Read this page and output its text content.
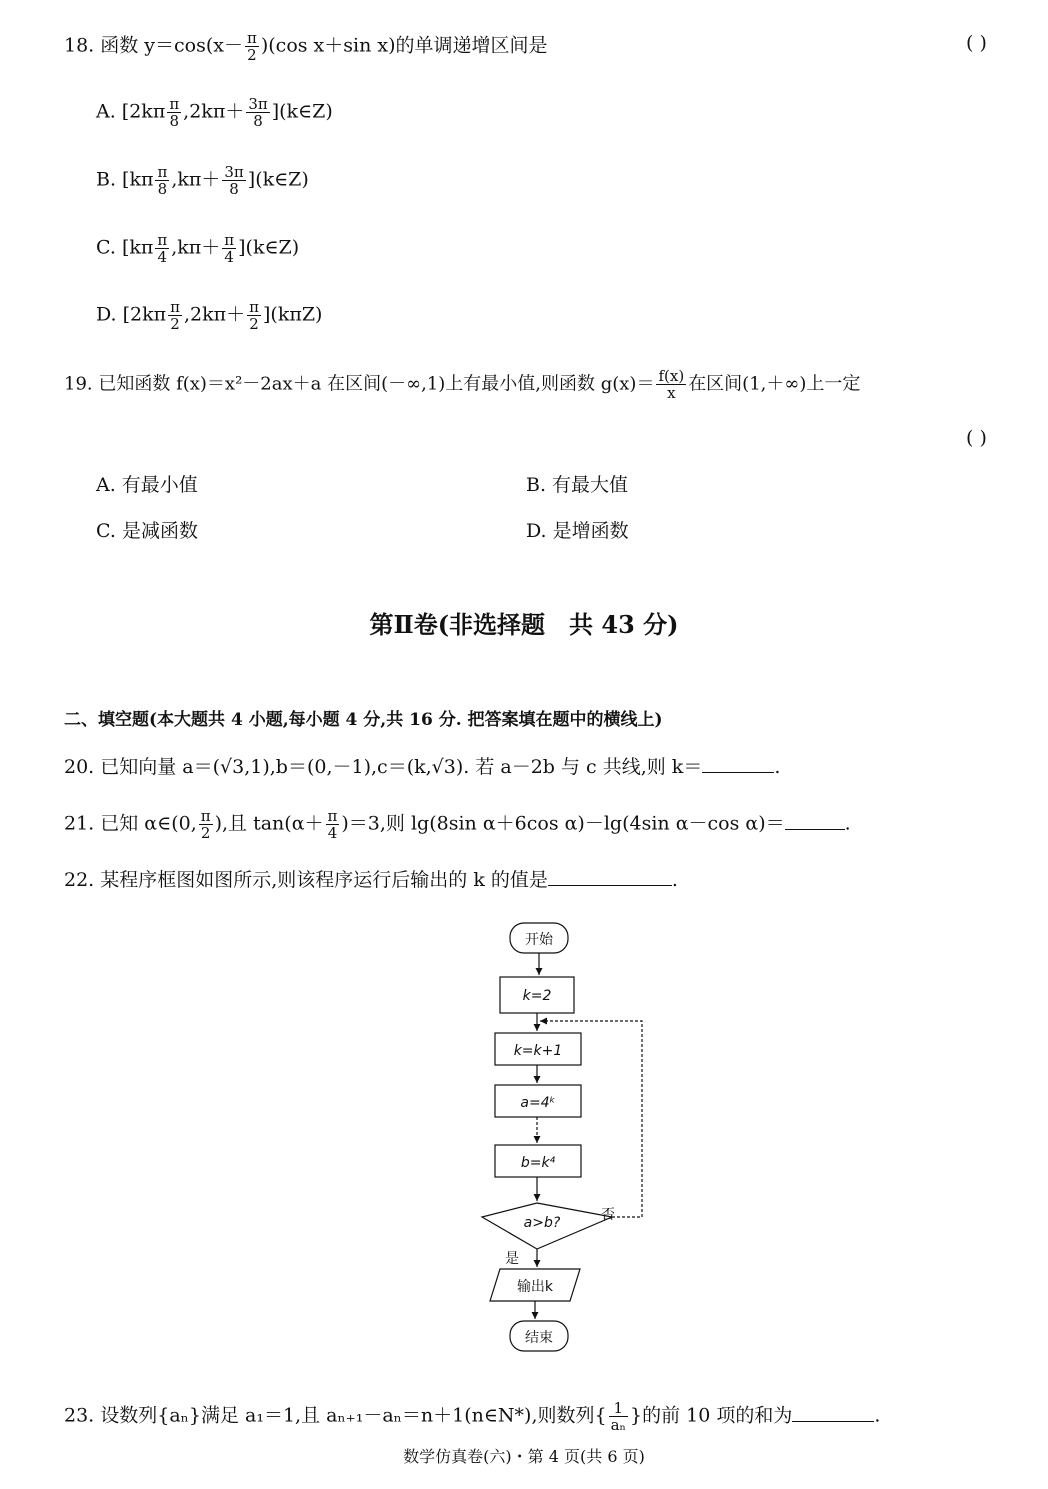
18. 函数 $y=\cos(x- \frac{\pi}{2} )(\cos$ x＋sin x)的单调递增区间是	( )
A. [$2k\pi \frac{\pi}{8} ,2k\pi+ \frac{3\pi}{8}$ ](k∈Z)
B. [$k\pi \frac{\pi}{8} ,k\pi+ \frac{3\pi}{8}$ ](k∈Z)
C. [$k\pi \frac{\pi}{4} ,k\pi+ \frac{\pi}{4}$ ](k∈Z)
D. $[2k\pi \frac{\pi}{2} ,2k\pi+ \frac{\pi}{2} ](k\pi Z)$
19. 已知函数 f(x)＝x²－2ax＋a 在区间(－∞,1)上有最小值,则函数 $g(x)= \frac{f(x)}{x}$ 在区间(1,＋∞)上一定
( )
A. 有最小值	B. 有最大值
C. 是减函数	D. 是增函数
第Ⅱ卷(非选择题　共 43 分)
二、填空题(本大题共 4 小题,每小题 4 分,共 16 分. 把答案填在题中的横线上)
20. 已知向量 a＝(√3,1),b＝(0,－1),c＝(k,√3). 若 a－2b 与 c 共线,则 k＝	.
21. 已知 α∈(0, $\frac{\pi}{2}$ ),且 $\tan(\alpha+ \frac{\pi}{4} )=3$,则 lg(8sin α＋6cos α)－lg(4sin α－cos α)＝	.
22. 某程序框图如图所示,则该程序运行后输出的 k 的值是	.
开始
k=2
k=k+1
a=4ᵏ
b=k⁴
a>b?	否
是
输出k
结束
23. 设数列{aₙ}满足 a₁＝1,且 aₙ₊₁－aₙ＝n＋1(n∈N*),则数列{ $\frac{1}{\text{aₙ}}$ }的前 10 项的和为	.
数学仿真卷(六)・第 4 页(共 6 页)
